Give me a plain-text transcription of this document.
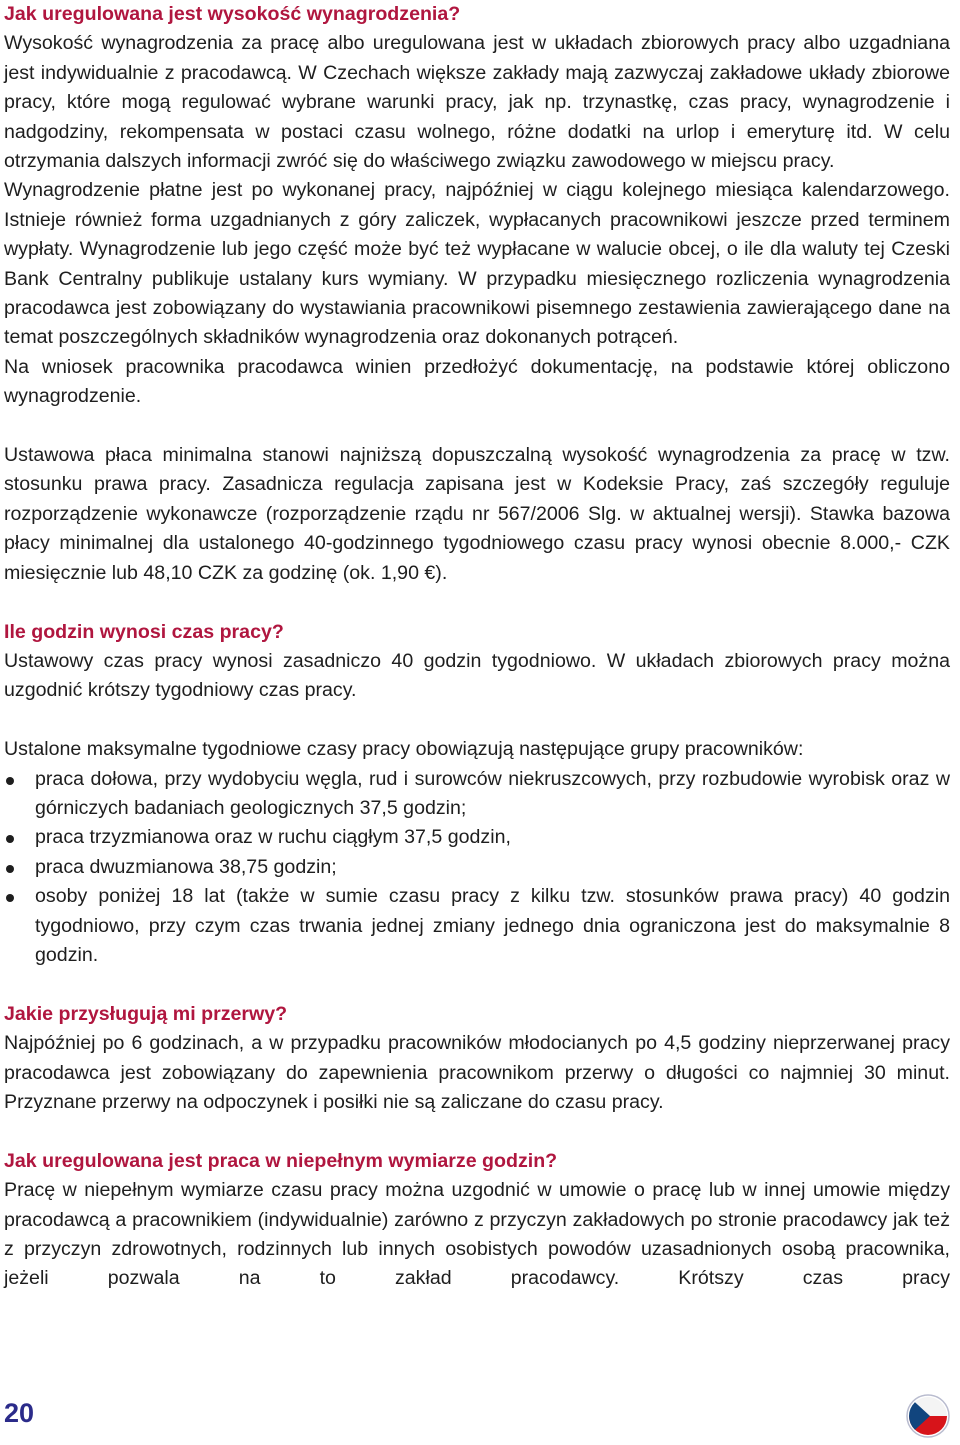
Jak uregulowana jest wysokość wynagrodzenia?

Wysokość wynagrodzenia za pracę albo uregulowana jest w układach zbiorowych pracy albo uzgadniana jest indywidualnie z pracodawcą. W Czechach większe zakłady mają zazwyczaj zakładowe układy zbiorowe pracy, które mogą regulować wybrane warunki pracy, jak np. trzynastkę, czas pracy, wynagrodzenie i nadgodziny, rekompensata w postaci czasu wolnego, różne dodatki na urlop i emeryturę itd. W celu otrzymania dalszych informacji zwróć się do właściwego związku zawodowego w miejscu pracy.

Wynagrodzenie płatne jest po wykonanej pracy, najpóźniej w ciągu kolejnego miesiąca kalendarzowego. Istnieje również forma uzgadnianych z góry zaliczek, wypłacanych pracownikowi jeszcze przed terminem wypłaty. Wynagrodzenie lub jego część może być też wypłacane w walucie obcej, o ile dla waluty tej Czeski Bank Centralny publikuje ustalany kurs wymiany. W przypadku miesięcznego rozliczenia wynagrodzenia pracodawca jest zobowiązany do wystawiania pracownikowi pisemnego zestawienia zawierającego dane na temat poszczególnych składników wynagrodzenia oraz dokonanych potrąceń.

Na wniosek pracownika pracodawca winien przedłożyć dokumentację, na podstawie której obliczono wynagrodzenie.

Ustawowa płaca minimalna stanowi najniższą dopuszczalną wysokość wynagrodzenia za pracę w tzw. stosunku prawa pracy. Zasadnicza regulacja zapisana jest w Kodeksie Pracy, zaś szczegóły reguluje rozporządzenie wykonawcze (rozporządzenie rządu nr 567/2006 Slg. w aktualnej wersji). Stawka bazowa płacy minimalnej dla ustalonego 40-godzinnego tygodniowego czasu pracy wynosi obecnie 8.000,- CZK miesięcznie lub 48,10 CZK za godzinę (ok. 1,90 €).

Ile godzin wynosi czas pracy?

Ustawowy czas pracy wynosi zasadniczo 40 godzin tygodniowo. W układach zbiorowych pracy można uzgodnić krótszy tygodniowy czas pracy.

Ustalone maksymalne tygodniowe czasy pracy obowiązują następujące grupy pracowników:

praca dołowa, przy wydobyciu węgla, rud i surowców niekruszcowych, przy rozbudowie wyrobisk oraz w górniczych badaniach geologicznych 37,5 godzin;
praca trzyzmianowa oraz w ruchu ciągłym 37,5 godzin,
praca dwuzmianowa 38,75 godzin;
osoby poniżej 18 lat (także w sumie czasu pracy z kilku tzw. stosunków prawa pracy) 40 godzin tygodniowo, przy czym czas trwania jednej zmiany jednego dnia ograniczona jest do maksymalnie 8 godzin.

Jakie przysługują mi przerwy?

Najpóźniej po 6 godzinach, a w przypadku pracowników młodocianych po 4,5 godziny nieprzerwanej pracy pracodawca jest zobowiązany do zapewnienia pracownikom przerwy o długości co najmniej 30 minut. Przyznane przerwy na odpoczynek i posiłki nie są zaliczane do czasu pracy.

Jak uregulowana jest praca w niepełnym wymiarze godzin?

Pracę w niepełnym wymiarze czasu pracy można uzgodnić w umowie o pracę lub w innej umowie między pracodawcą a pracownikiem (indywidualnie) zarówno z przyczyn zakładowych po stronie pracodawcy jak też z przyczyn zdrowotnych, rodzinnych lub innych osobistych powodów uzasadnionych osobą pracownika, jeżeli pozwala na to zakład pracodawcy. Krótszy czas pracy

20
